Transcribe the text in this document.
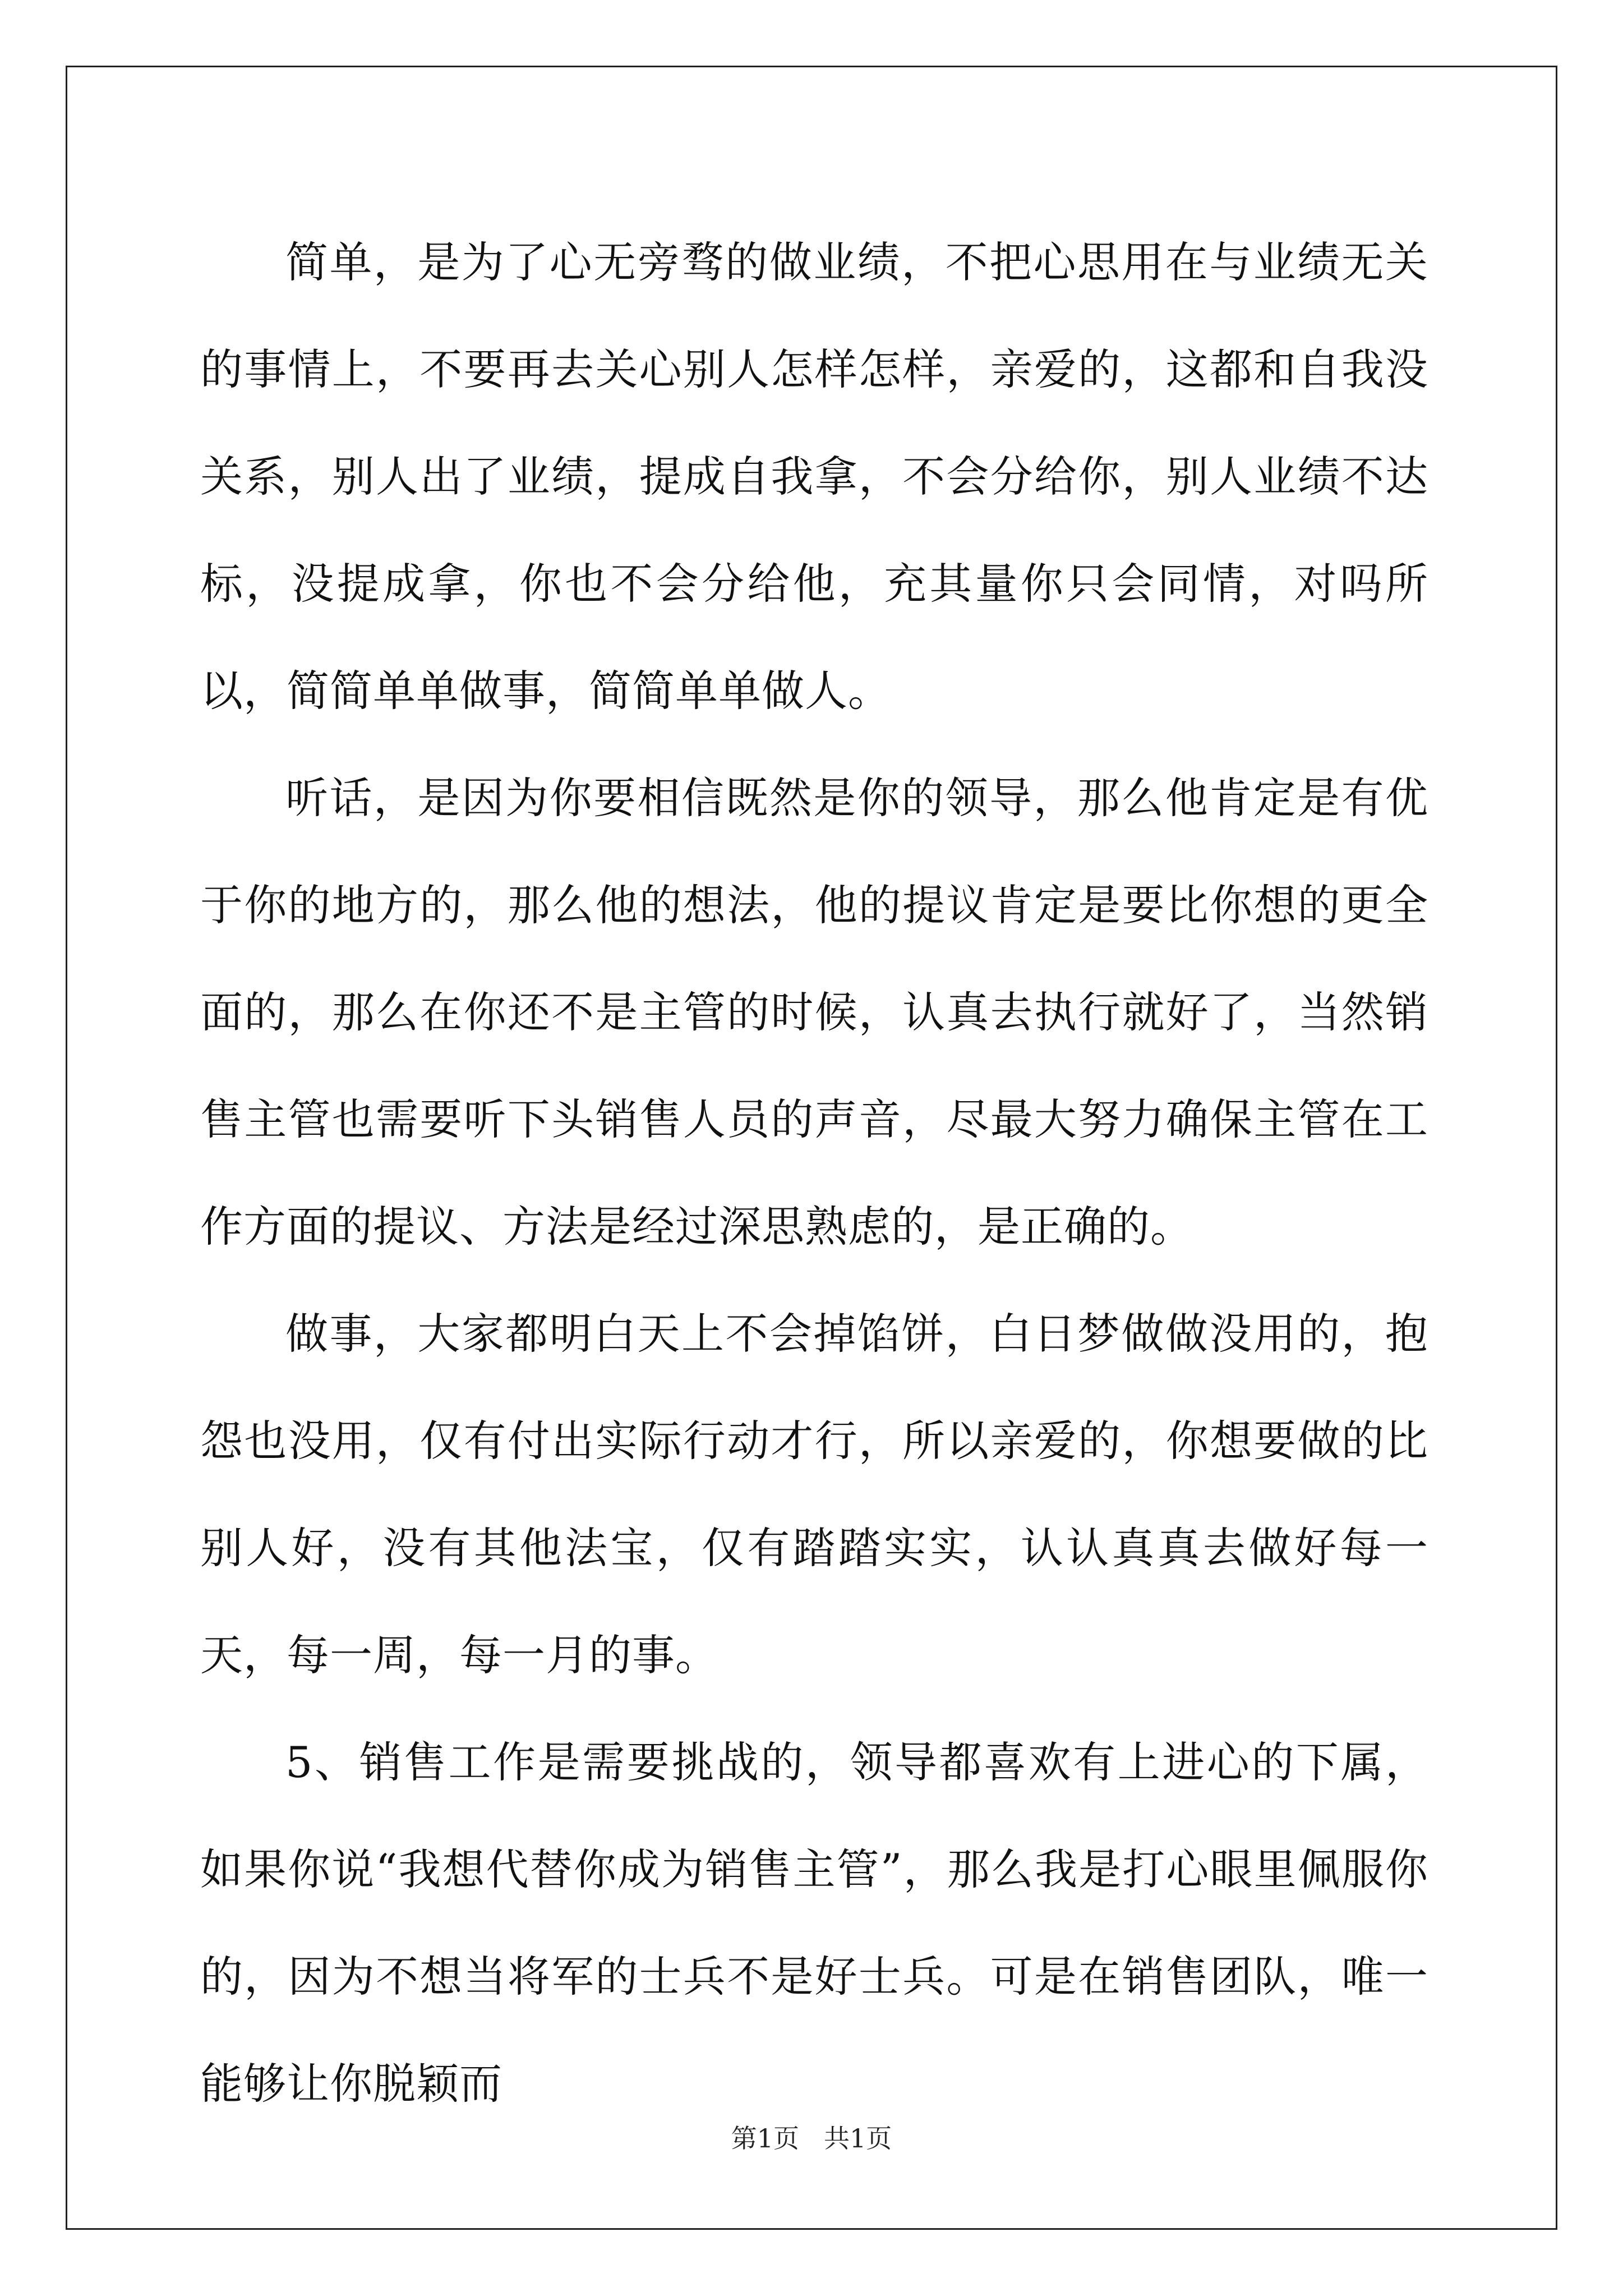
简单，是为了心无旁骛的做业绩，不把心思用在与业绩无关的事情上，不要再去关心别人怎样怎样，亲爱的，这都和自我没关系，别人出了业绩，提成自我拿，不会分给你，别人业绩不达标，没提成拿，你也不会分给他，充其量你只会同情，对吗所以，简简单单做事，简简单单做人。

听话，是因为你要相信既然是你的领导，那么他肯定是有优于你的地方的，那么他的想法，他的提议肯定是要比你想的更全面的，那么在你还不是主管的时候，认真去执行就好了，当然销售主管也需要听下头销售人员的声音，尽最大努力确保主管在工作方面的提议、方法是经过深思熟虑的，是正确的。

做事，大家都明白天上不会掉馅饼，白日梦做做没用的，抱怨也没用，仅有付出实际行动才行，所以亲爱的，你想要做的比别人好，没有其他法宝，仅有踏踏实实，认认真真去做好每一天，每一周，每一月的事。

5、销售工作是需要挑战的，领导都喜欢有上进心的下属，如果你说“我想代替你成为销售主管”，那么我是打心眼里佩服你的，因为不想当将军的士兵不是好士兵。可是在销售团队，唯一能够让你脱颖而

第1页 共1页
